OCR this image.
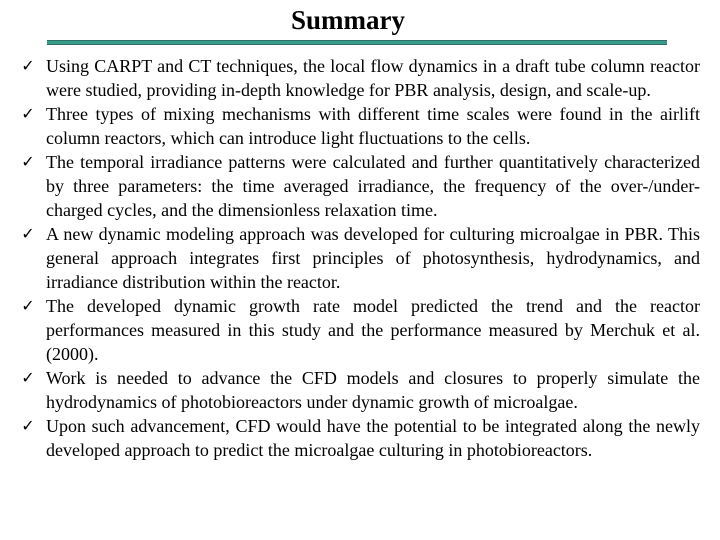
Summary
✓ Using CARPT and CT techniques, the local flow dynamics in a draft tube column reactor were studied, providing in-depth knowledge for PBR analysis, design, and scale-up.
✓ Three types of mixing mechanisms with different time scales were found in the airlift column reactors, which can introduce light fluctuations to the cells.
✓ The temporal irradiance patterns were calculated and further quantitatively characterized by three parameters: the time averaged irradiance, the frequency of the over-/under- charged cycles, and the dimensionless relaxation time.
✓ A new dynamic modeling approach was developed for culturing microalgae in PBR. This general approach integrates first principles of photosynthesis, hydrodynamics, and irradiance distribution within the reactor.
✓ The developed dynamic growth rate model predicted the trend and the reactor performances measured in this study and the performance measured by Merchuk et al. (2000).
✓ Work is needed to advance the CFD models and closures to properly simulate the hydrodynamics of photobioreactors under dynamic growth of microalgae.
✓ Upon such advancement, CFD would have the potential to be integrated along the newly developed approach to predict the microalgae culturing in photobioreactors.
